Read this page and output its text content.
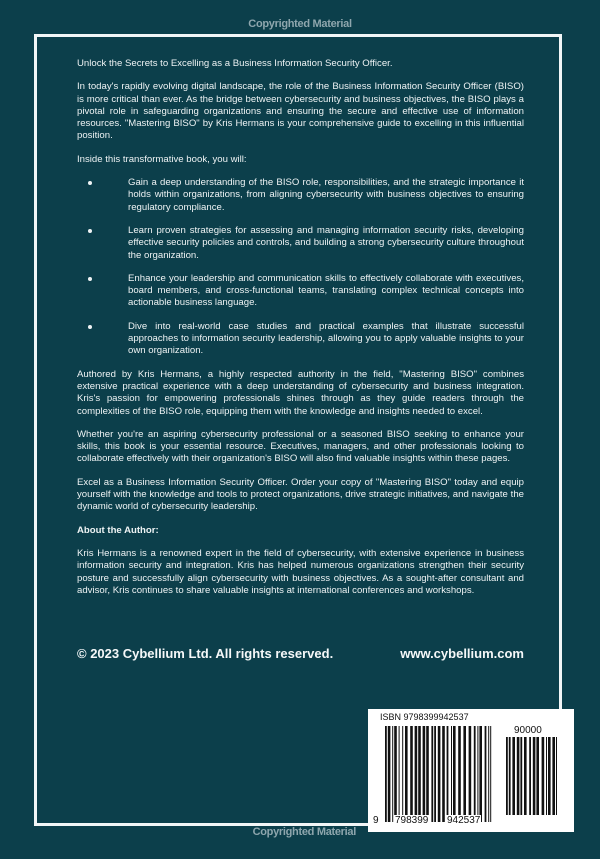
Copyrighted Material

Unlock the Secrets to Excelling as a Business Information Security Officer.

In today's rapidly evolving digital landscape, the role of the Business Information Security Officer (BISO) is more critical than ever. As the bridge between cybersecurity and business objectives, the BISO plays a pivotal role in safeguarding organizations and ensuring the secure and effective use of information resources. "Mastering BISO" by Kris Hermans is your comprehensive guide to excelling in this influential position.

Inside this transformative book, you will:

Gain a deep understanding of the BISO role, responsibilities, and the strategic importance it holds within organizations, from aligning cybersecurity with business objectives to ensuring regulatory compliance.
Learn proven strategies for assessing and managing information security risks, developing effective security policies and controls, and building a strong cybersecurity culture throughout the organization.
Enhance your leadership and communication skills to effectively collaborate with executives, board members, and cross-functional teams, translating complex technical concepts into actionable business language.
Dive into real-world case studies and practical examples that illustrate successful approaches to information security leadership, allowing you to apply valuable insights to your own organization.

Authored by Kris Hermans, a highly respected authority in the field, "Mastering BISO" combines extensive practical experience with a deep understanding of cybersecurity and business integration. Kris's passion for empowering professionals shines through as they guide readers through the complexities of the BISO role, equipping them with the knowledge and insights needed to excel.

Whether you're an aspiring cybersecurity professional or a seasoned BISO seeking to enhance your skills, this book is your essential resource. Executives, managers, and other professionals looking to collaborate effectively with their organization's BISO will also find valuable insights within these pages.

Excel as a Business Information Security Officer. Order your copy of "Mastering BISO" today and equip yourself with the knowledge and tools to protect organizations, drive strategic initiatives, and navigate the dynamic world of cybersecurity leadership.

About the Author:

Kris Hermans is a renowned expert in the field of cybersecurity, with extensive experience in business information security and integration. Kris has helped numerous organizations strengthen their security posture and successfully align cybersecurity with business objectives. As a sought-after consultant and advisor, Kris continues to share valuable insights at international conferences and workshops.

© 2023 Cybellium Ltd. All rights reserved.	www.cybellium.com
Copyrighted Material
ISBN 9798399942537
90000
9 798399 942537
